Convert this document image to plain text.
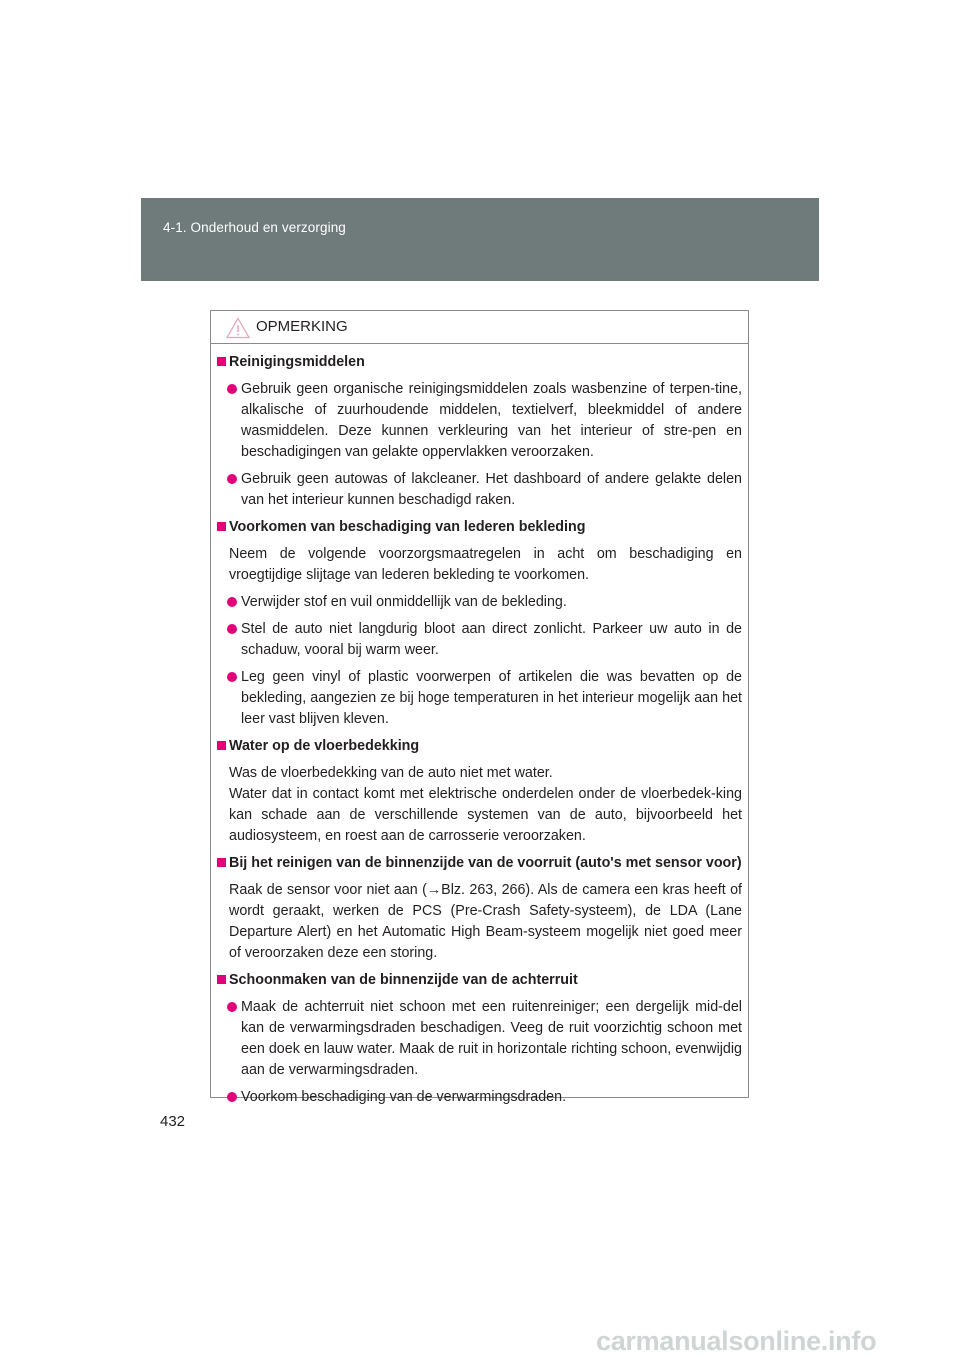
4-1. Onderhoud en verzorging
OPMERKING

Reinigingsmiddelen

Gebruik geen organische reinigingsmiddelen zoals wasbenzine of terpen-tine, alkalische of zuurhoudende middelen, textielverf, bleekmiddel of andere wasmiddelen. Deze kunnen verkleuring van het interieur of stre-pen en beschadigingen van gelakte oppervlakken veroorzaken.

Gebruik geen autowas of lakcleaner. Het dashboard of andere gelakte delen van het interieur kunnen beschadigd raken.

Voorkomen van beschadiging van lederen bekleding

Neem de volgende voorzorgsmaatregelen in acht om beschadiging en vroegtijdige slijtage van lederen bekleding te voorkomen.

Verwijder stof en vuil onmiddellijk van de bekleding.

Stel de auto niet langdurig bloot aan direct zonlicht. Parkeer uw auto in de schaduw, vooral bij warm weer.

Leg geen vinyl of plastic voorwerpen of artikelen die was bevatten op de bekleding, aangezien ze bij hoge temperaturen in het interieur mogelijk aan het leer vast blijven kleven.

Water op de vloerbedekking

Was de vloerbedekking van de auto niet met water.

Water dat in contact komt met elektrische onderdelen onder de vloerbedek-king kan schade aan de verschillende systemen van de auto, bijvoorbeeld het audiosysteem, en roest aan de carrosserie veroorzaken.

Bij het reinigen van de binnenzijde van de voorruit (auto's met sensor voor)

Raak de sensor voor niet aan (→Blz. 263, 266). Als de camera een kras heeft of wordt geraakt, werken de PCS (Pre-Crash Safety-systeem), de LDA (Lane Departure Alert) en het Automatic High Beam-systeem mogelijk niet goed meer of veroorzaken deze een storing.

Schoonmaken van de binnenzijde van de achterruit

Maak de achterruit niet schoon met een ruitenreiniger; een dergelijk mid-del kan de verwarmingsdraden beschadigen. Veeg de ruit voorzichtig schoon met een doek en lauw water. Maak de ruit in horizontale richting schoon, evenwijdig aan de verwarmingsdraden.

Voorkom beschadiging van de verwarmingsdraden.

432
carmanualsonline.info
